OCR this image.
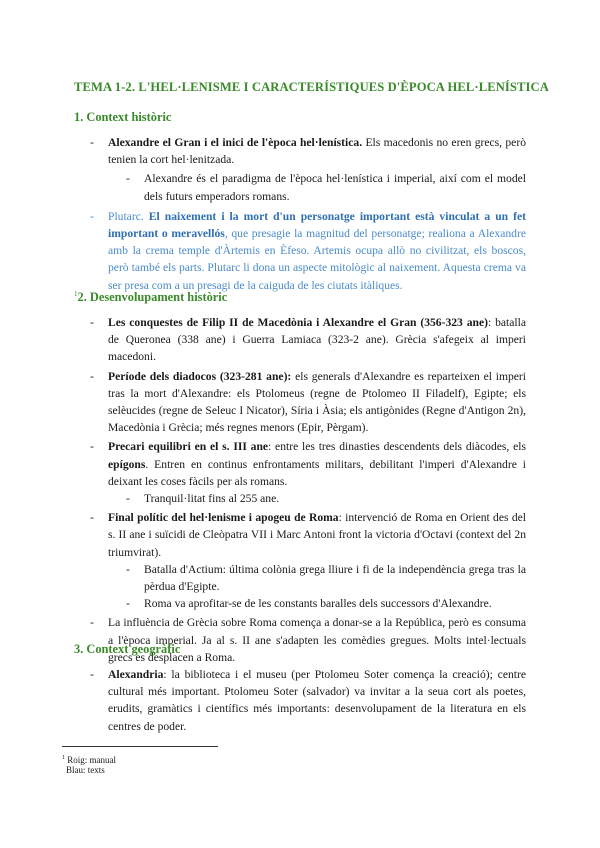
TEMA 1-2. L'HEL·LENISME I CARACTERÍSTIQUES D'ÈPOCA HEL·LENÍSTICA
1. Context històric
- Alexandre el Gran i el inici de l'època hel·lenística. Els macedonis no eren grecs, però tenien la cort hel·lenitzada.
- Alexandre és el paradigma de l'època hel·lenística i imperial, així com el model dels futurs emperadors romans.
- Plutarc. El naixement i la mort d'un personatge important està vinculat a un fet important o meravellós, que presagie la magnitud del personatge; realiona a Alexandre amb la crema temple d'Àrtemis en Èfeso. Artemis ocupa allò no civilitzat, els boscos, però també els parts. Plutarc li dona un aspecte mitològic al naixement. Aquesta crema va ser presa com a un presagi de la caiguda de les ciutats itàliques.
$^1$2. Desenvolupament històric
- Les conquestes de Filip II de Macedònia i Alexandre el Gran (356-323 ane): batalla de Queronea (338 ane) i Guerra Lamiaca (323-2 ane). Grècia s'afegeix al imperi macedoni.
- Període dels diadocos (323-281 ane): els generals d'Alexandre es reparteixen el imperi tras la mort d'Alexandre: els Ptolomeus (regne de Ptolomeo II Filadelf), Egipte; els selèucides (regne de Seleuc I Nicator), Síria i Àsia; els antigònides (Regne d'Antigon 2n), Macedònia i Grècia; més regnes menors (Epir, Pèrgam).
- Precari equilibri en el s. III ane: entre les tres dinasties descendents dels diàcodes, els epígons. Entren en continus enfrontaments militars, debilitant l'imperi d'Alexandre i deixant les coses fàcils per als romans.
- Tranquil·litat fins al 255 ane.
- Final polític del hel·lenisme i apogeu de Roma: intervenció de Roma en Orient des del s. II ane i suïcidi de Cleòpatra VII i Marc Antoni front la victoria d'Octavi (context del 2n triumvirat).
- Batalla d'Actium: última colònia grega lliure i fi de la independència grega tras la pèrdua d'Egipte.
- Roma va aprofitar-se de les constants baralles dels successors d'Alexandre.
- La influència de Grècia sobre Roma comença a donar-se a la República, però es consuma a l'època imperial. Ja al s. II ane s'adapten les comèdies gregues. Molts intel·lectuals grecs es desplacen a Roma.
3. Context geogràfic
- Alexandria: la biblioteca i el museu (per Ptolomeu Soter comença la creació); centre cultural més important. Ptolomeu Soter (salvador) va invitar a la seua cort als poetes, erudits, gramàtics i científics més importants: desenvolupament de la literatura en els centres de poder.
$^1$ Roig: manual
Blau: texts
